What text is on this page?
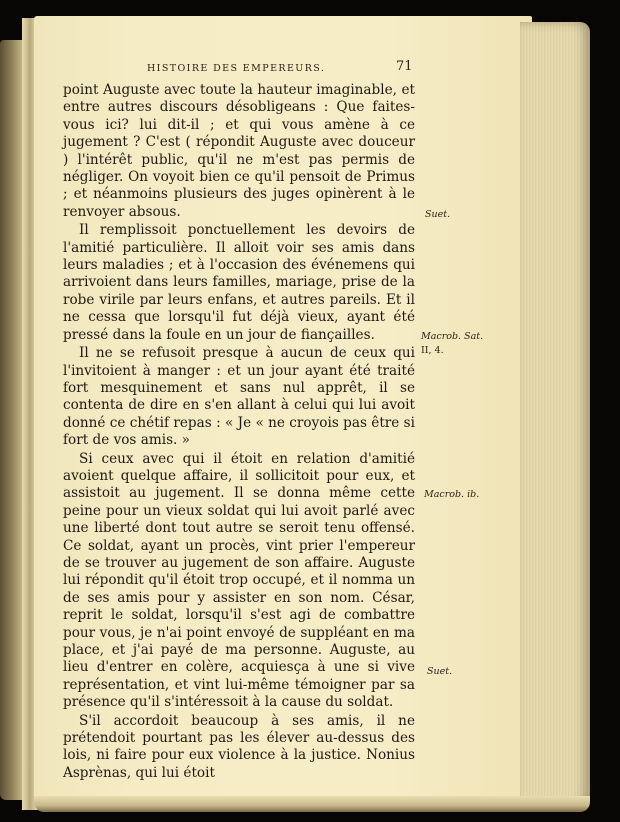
HISTOIRE DES EMPEREURS.	71

point Auguste avec toute la hauteur imaginable, et entre autres discours désobligeans : Que faites-vous ici? lui dit-il ; et qui vous amène à ce jugement ? C'est ( répondit Auguste avec douceur ) l'intérêt public, qu'il ne m'est pas permis de négliger. On voyoit bien ce qu'il pensoit de Primus ; et néanmoins plusieurs des juges opinèrent à le renvoyer absous.

Il remplissoit ponctuellement les devoirs de l'amitié particulière. Il alloit voir ses amis dans leurs maladies ; et à l'occasion des événemens qui arrivoient dans leurs familles, mariage, prise de la robe virile par leurs enfans, et autres pareils. Et il ne cessa que lorsqu'il fut déjà vieux, ayant été pressé dans la foule en un jour de fiançailles.

Il ne se refusoit presque à aucun de ceux qui l'invitoient à manger : et un jour ayant été traité fort mesquinement et sans nul apprêt, il se contenta de dire en s'en allant à celui qui lui avoit donné ce chétif repas : « Je « ne croyois pas être si fort de vos amis. »

Si ceux avec qui il étoit en relation d'amitié avoient quelque affaire, il sollicitoit pour eux, et assistoit au jugement. Il se donna même cette peine pour un vieux soldat qui lui avoit parlé avec une liberté dont tout autre se seroit tenu offensé. Ce soldat, ayant un procès, vint prier l'empereur de se trouver au jugement de son affaire. Auguste lui répondit qu'il étoit trop occupé, et il nomma un de ses amis pour y assister en son nom. César, reprit le soldat, lorsqu'il s'est agi de combattre pour vous, je n'ai point envoyé de suppléant en ma place, et j'ai payé de ma personne. Auguste, au lieu d'entrer en colère, acquiesça à une si vive représentation, et vint lui-même témoigner par sa présence qu'il s'intéressoit à la cause du soldat.

S'il accordoit beaucoup à ses amis, il ne prétendoit pourtant pas les élever au-dessus des lois, ni faire pour eux violence à la justice. Nonius Asprènas, qui lui étoit

Suet.
Macrob. Sat.
II, 4.
Macrob. ib.
Suet.
